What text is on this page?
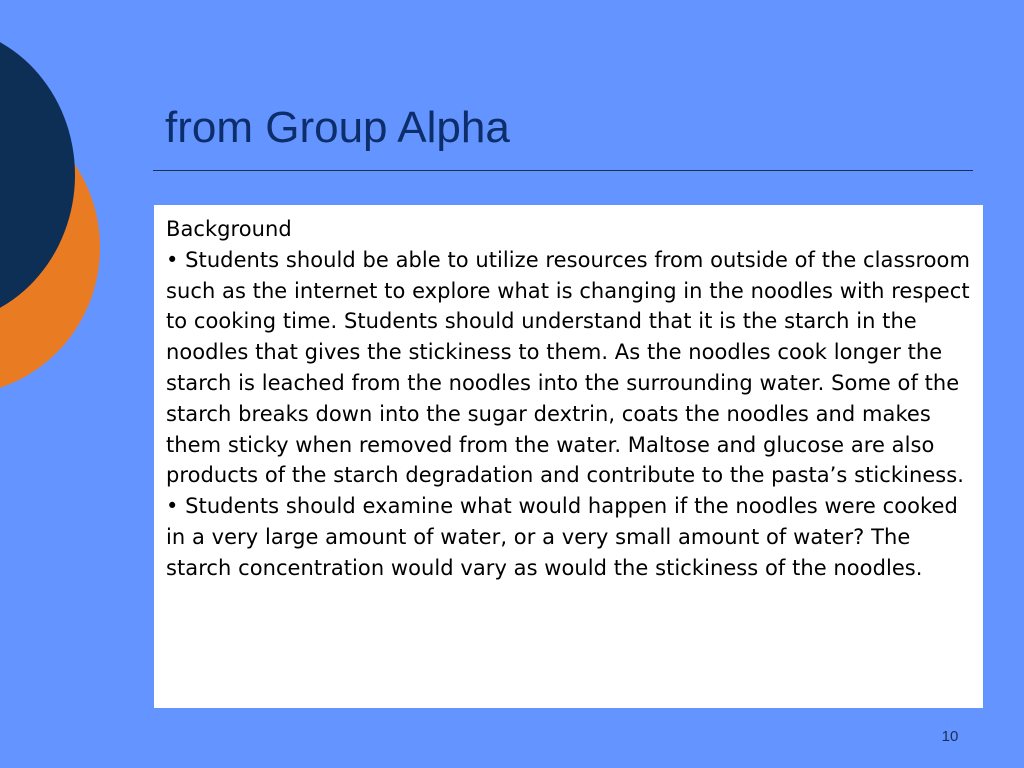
from Group Alpha

Background

• Students should be able to utilize resources from outside of the classroom such as the internet to explore what is changing in the noodles with respect to cooking time. Students should understand that it is the starch in the noodles that gives the stickiness to them. As the noodles cook longer the starch is leached from the noodles into the surrounding water. Some of the starch breaks down into the sugar dextrin, coats the noodles and makes them sticky when removed from the water. Maltose and glucose are also products of the starch degradation and contribute to the pasta’s stickiness.

• Students should examine what would happen if the noodles were cooked in a very large amount of water, or a very small amount of water? The starch concentration would vary as would the stickiness of the noodles.

10
